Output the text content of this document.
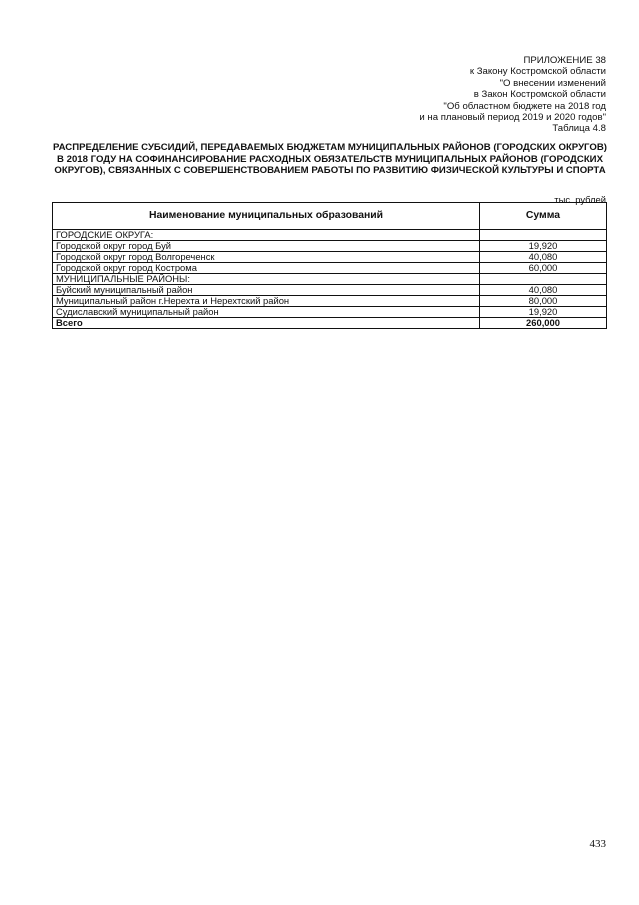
ПРИЛОЖЕНИЕ 38
к Закону Костромской области
"О внесении изменений
в Закон Костромской области
"Об областном бюджете на 2018 год
и на плановый период 2019 и 2020 годов"
Таблица 4.8
РАСПРЕДЕЛЕНИЕ СУБСИДИЙ, ПЕРЕДАВАЕМЫХ БЮДЖЕТАМ МУНИЦИПАЛЬНЫХ РАЙОНОВ (ГОРОДСКИХ ОКРУГОВ) В 2018 ГОДУ НА СОФИНАНСИРОВАНИЕ РАСХОДНЫХ ОБЯЗАТЕЛЬСТВ МУНИЦИПАЛЬНЫХ РАЙОНОВ (ГОРОДСКИХ ОКРУГОВ), СВЯЗАННЫХ С СОВЕРШЕНСТВОВАНИЕМ РАБОТЫ ПО РАЗВИТИЮ ФИЗИЧЕСКОЙ КУЛЬТУРЫ И СПОРТА
тыс. рублей
Наименование муниципальных образований	Сумма
ГОРОДСКИЕ ОКРУГА:	
Городской округ город Буй	19,920
Городской округ город Волгореченск	40,080
Городской округ город Кострома	60,000
МУНИЦИПАЛЬНЫЕ РАЙОНЫ:	
Буйский муниципальный район	40,080
Муниципальный район г.Нерехта и Нерехтский район	80,000
Судиславский муниципальный район	19,920
Всего	260,000
433
